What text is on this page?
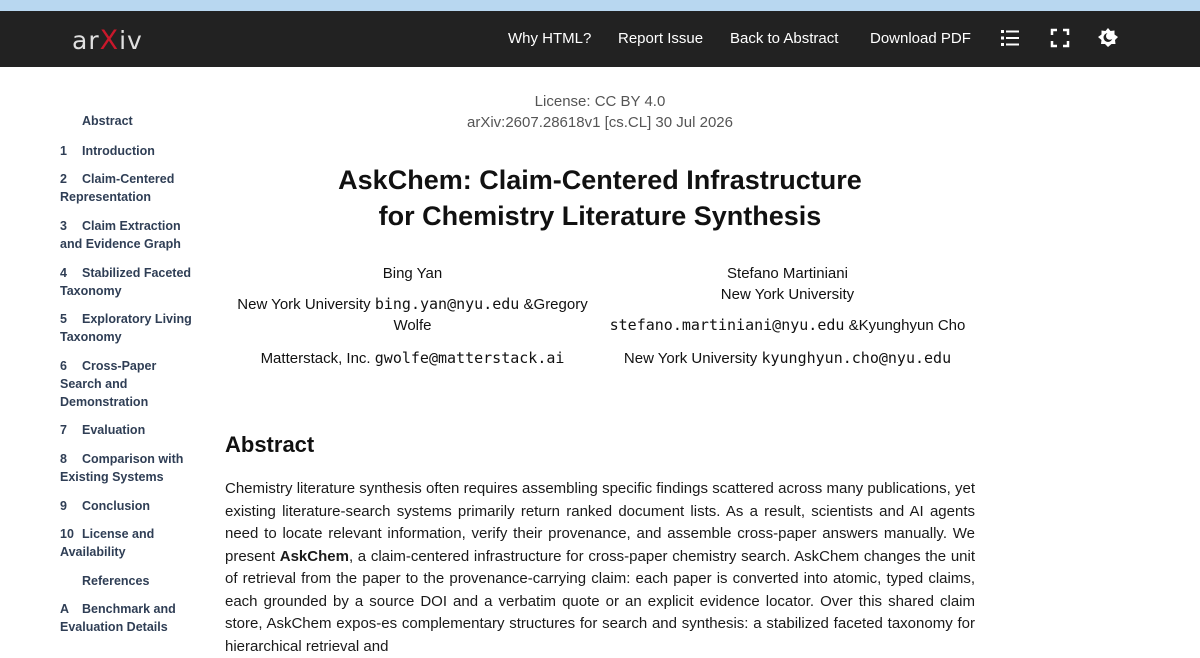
arXiv	Why HTML? Report Issue Back to Abstract Download PDF
Abstract
1 Introduction
2 Claim-Centered Representation
3 Claim Extraction and Evidence Graph
4 Stabilized Faceted Taxonomy
5 Exploratory Living Taxonomy
6 Cross-Paper Search and Demonstration
7 Evaluation
8 Comparison with Existing Systems
9 Conclusion
10 License and Availability
References
A Benchmark and Evaluation Details
License: CC BY 4.0
arXiv:2607.28618v1 [cs.CL] 30 Jul 2026
AskChem: Claim-Centered Infrastructure
for Chemistry Literature Synthesis
Bing Yan
New York University bing.yan@nyu.edu &Gregory
Wolfe
Matterstack, Inc. gwolfe@matterstack.ai
Stefano Martiniani
New York University
stefano.martiniani@nyu.edu &Kyunghyun Cho
New York University kyunghyun.cho@nyu.edu
Abstract

Chemistry literature synthesis often requires assembling specific findings scattered across many publications, yet existing literature-search systems primarily return ranked document lists. As a result, scientists and AI agents need to locate relevant information, verify their provenance, and assemble cross-paper answers manually. We present AskChem, a claim-centered infrastructure for cross-paper chemistry search. AskChem changes the unit of retrieval from the paper to the provenance-carrying claim: each paper is converted into atomic, typed claims, each grounded by a source DOI and a verbatim quote or an explicit evidence locator. Over this shared claim store, AskChem expos-es complementary structures for search and synthesis: a stabilized faceted taxonomy for hierarchical retrieval and
